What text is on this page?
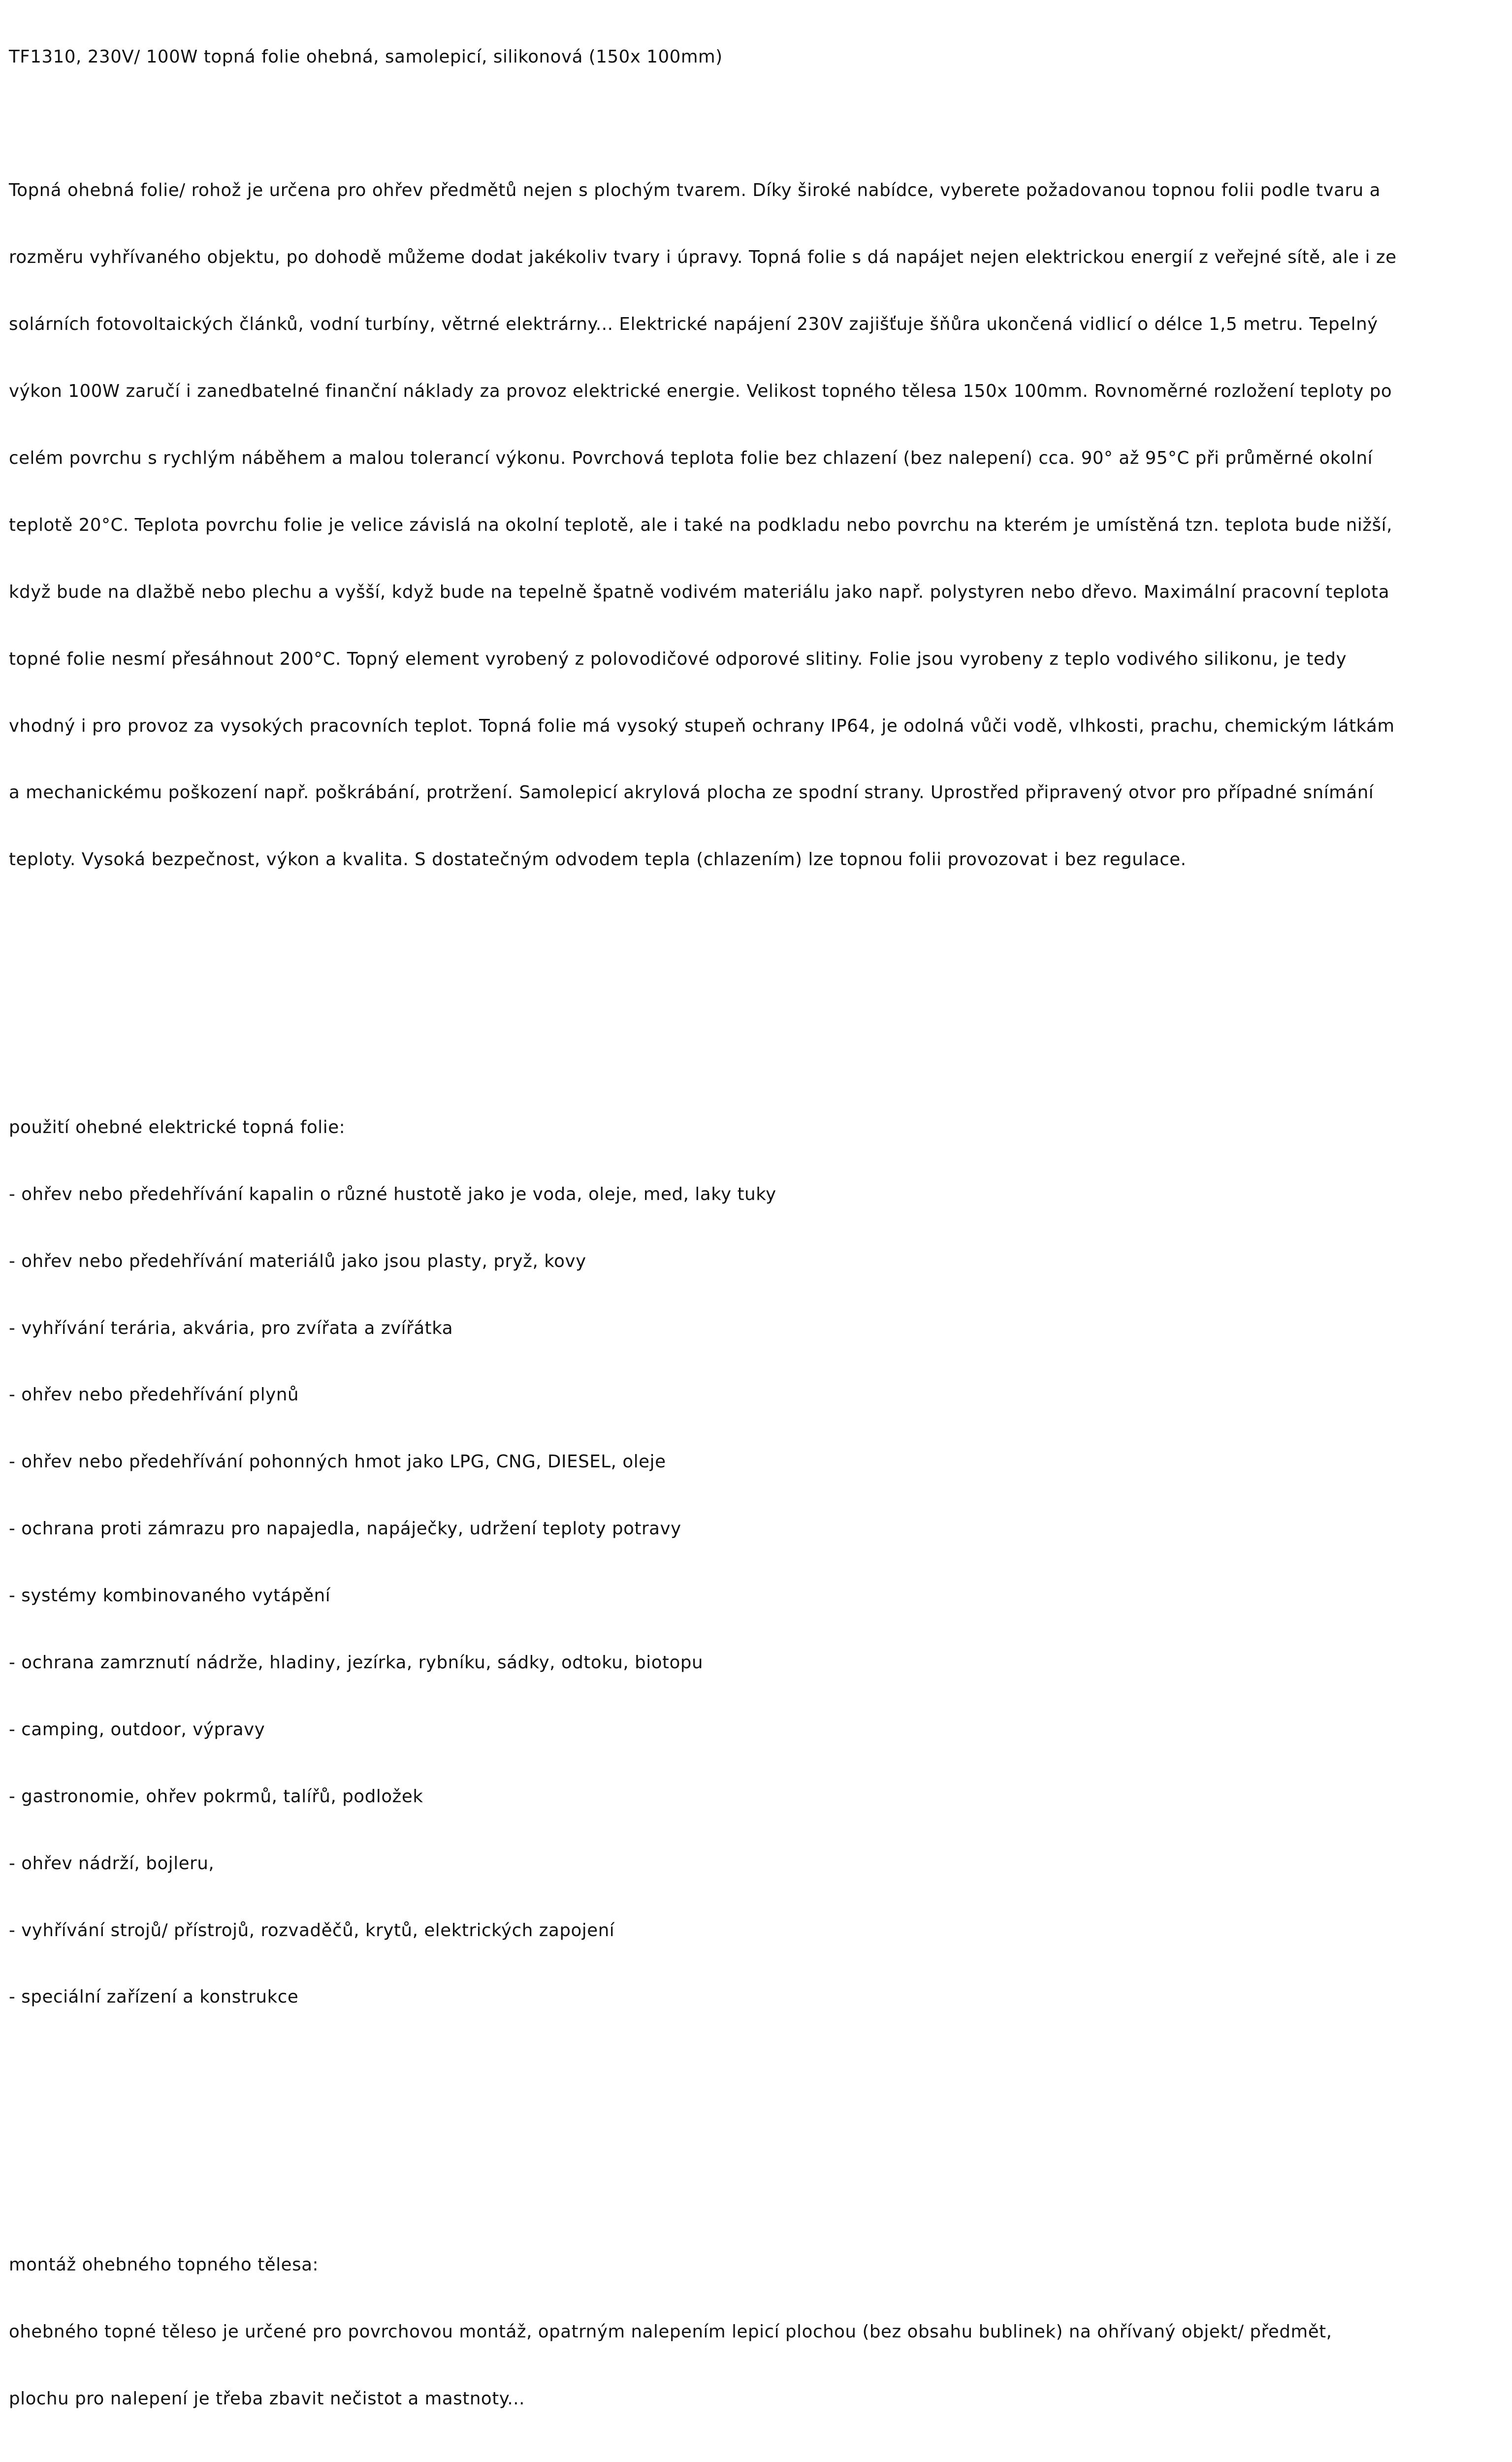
TF1310, 230V/ 100W topná folie ohebná, samolepicí, silikonová (150x 100mm)

Topná ohebná folie/ rohož je určena pro ohřev předmětů nejen s plochým tvarem. Díky široké nabídce, vyberete požadovanou topnou folii podle tvaru a

rozměru vyhřívaného objektu, po dohodě můžeme dodat jakékoliv tvary i úpravy. Topná folie s dá napájet nejen elektrickou energií z veřejné sítě, ale i ze

solárních fotovoltaických článků, vodní turbíny, větrné elektrárny... Elektrické napájení 230V zajišťuje šňůra ukončená vidlicí o délce 1,5 metru. Tepelný

výkon 100W zaručí i zanedbatelné finanční náklady za provoz elektrické energie. Velikost topného tělesa 150x 100mm. Rovnoměrné rozložení teploty po

celém povrchu s rychlým náběhem a malou tolerancí výkonu. Povrchová teplota folie bez chlazení (bez nalepení) cca. 90° až 95°C při průměrné okolní

teplotě 20°C. Teplota povrchu folie je velice závislá na okolní teplotě, ale i také na podkladu nebo povrchu na kterém je umístěná tzn. teplota bude nižší,

když bude na dlažbě nebo plechu a vyšší, když bude na tepelně špatně vodivém materiálu jako např. polystyren nebo dřevo. Maximální pracovní teplota

topné folie nesmí přesáhnout 200°C. Topný element vyrobený z polovodičové odporové slitiny. Folie jsou vyrobeny z teplo vodivého silikonu, je tedy

vhodný i pro provoz za vysokých pracovních teplot. Topná folie má vysoký stupeň ochrany IP64, je odolná vůči vodě, vlhkosti, prachu, chemickým látkám

a mechanickému poškození např. poškrábání, protržení. Samolepicí akrylová plocha ze spodní strany. Uprostřed připravený otvor pro případné snímání

teploty. Vysoká bezpečnost, výkon a kvalita. S dostatečným odvodem tepla (chlazením) lze topnou folii provozovat i bez regulace.

použití ohebné elektrické topná folie:

- ohřev nebo předehřívání kapalin o různé hustotě jako je voda, oleje, med, laky tuky

- ohřev nebo předehřívání materiálů jako jsou plasty, pryž, kovy

- vyhřívání terária, akvária, pro zvířata a zvířátka

- ohřev nebo předehřívání plynů

- ohřev nebo předehřívání pohonných hmot jako LPG, CNG, DIESEL, oleje

- ochrana proti zámrazu pro napajedla, napáječky, udržení teploty potravy

- systémy kombinovaného vytápění

- ochrana zamrznutí nádrže, hladiny, jezírka, rybníku, sádky, odtoku, biotopu

- camping, outdoor, výpravy

- gastronomie, ohřev pokrmů, talířů, podložek

- ohřev nádrží, bojleru,

- vyhřívání strojů/ přístrojů, rozvaděčů, krytů, elektrických zapojení

- speciální zařízení a konstrukce

montáž ohebného topného tělesa:

ohebného topné těleso je určené pro povrchovou montáž, opatrným nalepením lepicí plochou (bez obsahu bublinek) na ohřívaný objekt/ předmět,

plochu pro nalepení je třeba zbavit nečistot a mastnoty...
